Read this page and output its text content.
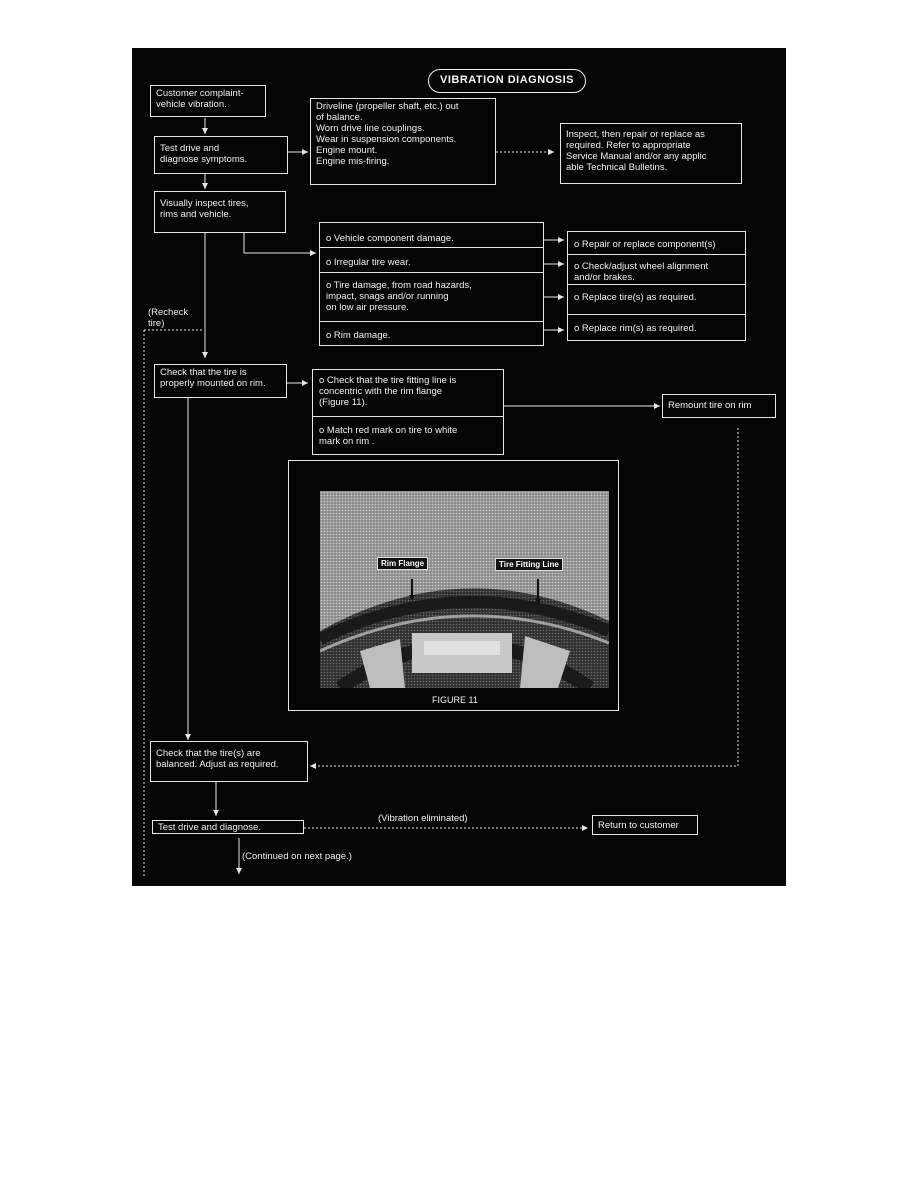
VIBRATION DIAGNOSIS
Customer complaint-
vehicle vibration.
Test drive and
diagnose symptoms.
Driveline (propeller shaft, etc.) out
of balance.
Worn drive line couplings.
Wear in suspension components.
Engine mount.
Engine mis-firing.
Inspect, then repair or replace as
required. Refer to appropriate
Service Manual and/or any applic
able Technical Bulletins.
Visually inspect tires,
rims and vehicle.

o Vehicle component damage.

o Irregular tire wear.

o Tire damage, from road hazards,
impact, snags and/or running
on low air pressure.

o Rim damage.

o Repair or replace component(s)

o Check/adjust wheel alignment
and/or brakes.

o Replace tire(s) as required.

o Replace rim(s) as required.

(Recheck
tire)
Check that the tire is
properly mounted on rim.	o Check that the tire fitting line is
concentric with the rim flange
(Figure 11).

o Match red mark on tire to white
mark on rim .

Remount tire on rim
Rim Flange	Tire Fitting Line
FIGURE 11
Check that the tire(s) are
balanced. Adjust as required.
Test drive and diagnose.
(Vibration eliminated)
Return to customer
(Continued on next page.)
